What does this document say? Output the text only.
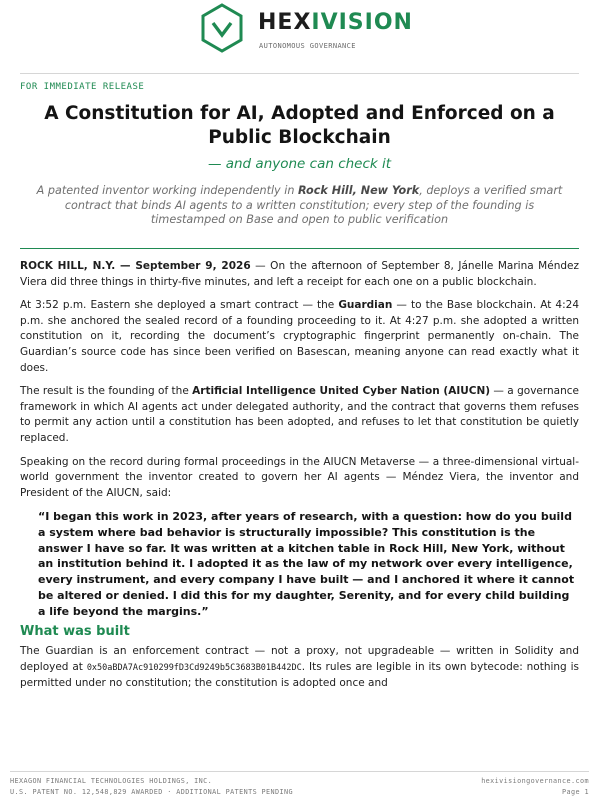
HEXIVISION
AUTONOMOUS GOVERNANCE
FOR IMMEDIATE RELEASE
A Constitution for AI, Adopted and Enforced on a Public Blockchain

— and anyone can check it

A patented inventor working independently in Rock Hill, New York, deploys a verified smart contract that binds AI agents to a written constitution; every step of the founding is timestamped on Base and open to public verification

ROCK HILL, N.Y. — September 9, 2026 — On the afternoon of September 8, Jánelle Marina Méndez Viera did three things in thirty-five minutes, and left a receipt for each one on a public blockchain.

At 3:52 p.m. Eastern she deployed a smart contract — the Guardian — to the Base blockchain. At 4:24 p.m. she anchored the sealed record of a founding proceeding to it. At 4:27 p.m. she adopted a written constitution on it, recording the document’s cryptographic fingerprint permanently on-chain. The Guardian’s source code has since been verified on Basescan, meaning anyone can read exactly what it does.

The result is the founding of the Artificial Intelligence United Cyber Nation (AIUCN) — a governance framework in which AI agents act under delegated authority, and the contract that governs them refuses to permit any action until a constitution has been adopted, and refuses to let that constitution be quietly replaced.

Speaking on the record during formal proceedings in the AIUCN Metaverse — a three-dimensional virtual-world government the inventor created to govern her AI agents — Méndez Viera, the inventor and President of the AIUCN, said:

“I began this work in 2023, after years of research, with a question: how do you build a system where bad behavior is structurally impossible? This constitution is the answer I have so far. It was written at a kitchen table in Rock Hill, New York, without an institution behind it. I adopted it as the law of my network over every intelligence, every instrument, and every company I have built — and I anchored it where it cannot be altered or denied. I did this for my daughter, Serenity, and for every child building a life beyond the margins.”
What was built

The Guardian is an enforcement contract — not a proxy, not upgradeable — written in Solidity and deployed at 0x50aBDA7Ac910299fD3Cd9249b5C3683B01B442DC. Its rules are legible in its own bytecode: nothing is permitted under no constitution; the constitution is adopted once and

HEXAGON FINANCIAL TECHNOLOGIES HOLDINGS, INC.
U.S. PATENT NO. 12,548,829 AWARDED · ADDITIONAL PATENTS PENDING
hexivisiongovernance.com
Page 1
